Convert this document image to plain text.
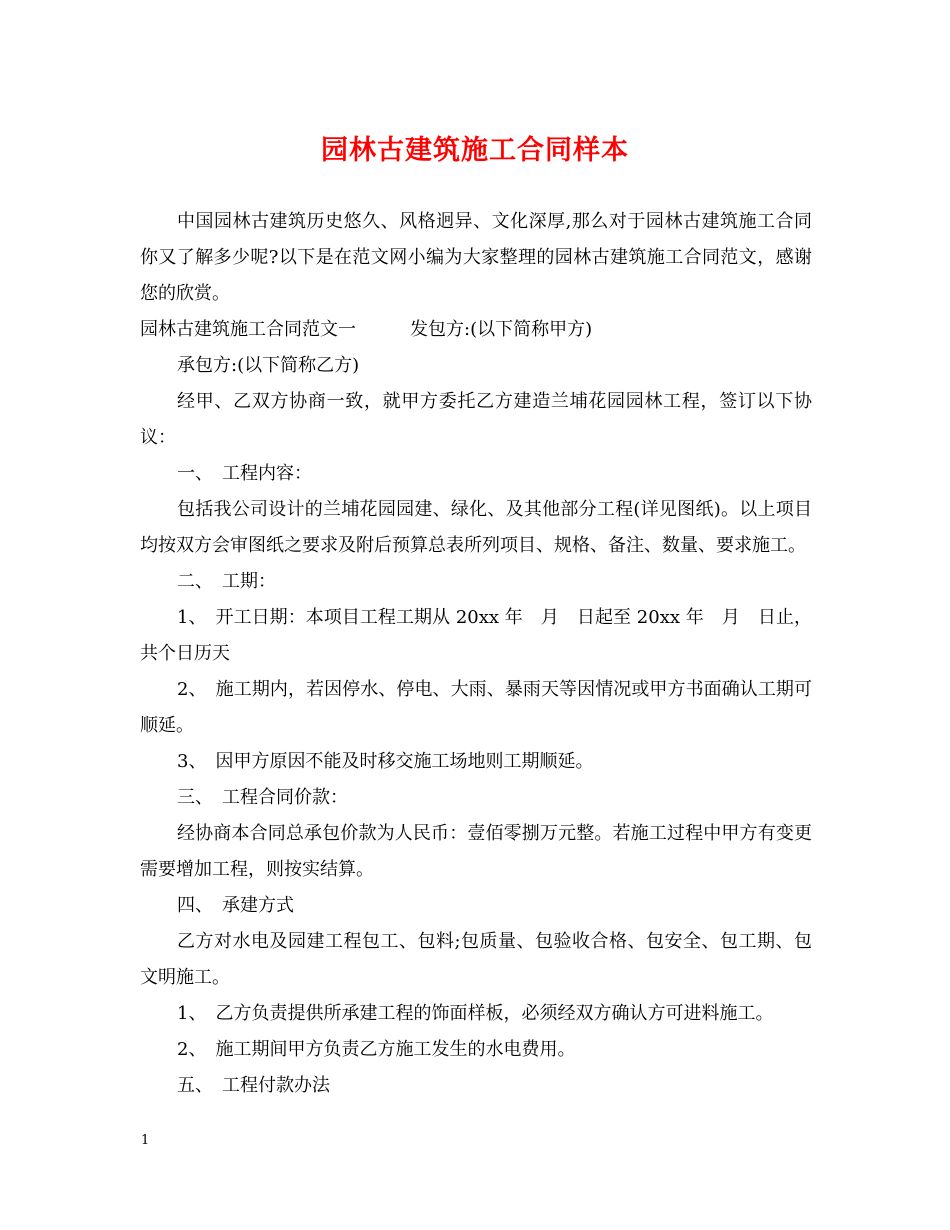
园林古建筑施工合同样本

中国园林古建筑历史悠久、风格迥异、文化深厚,那么对于园林古建筑施工合同你又了解多少呢?以下是在范文网小编为大家整理的园林古建筑施工合同范文，感谢您的欣赏。

园林古建筑施工合同范文一	发包方:(以下简称甲方)

承包方:(以下简称乙方)

经甲、乙双方协商一致，就甲方委托乙方建造兰埔花园园林工程，签订以下协议：

一、　工程内容：

包括我公司设计的兰埔花园园建、绿化、及其他部分工程(详见图纸)。以上项目均按双方会审图纸之要求及附后预算总表所列项目、规格、备注、数量、要求施工。

二、　工期：

1、　开工日期：本项目工程工期从 20xx 年　月　日起至 20xx 年　月　日止，共个日历天

2、　施工期内，若因停水、停电、大雨、暴雨天等因情况或甲方书面确认工期可顺延。

3、　因甲方原因不能及时移交施工场地则工期顺延。

三、　工程合同价款：

经协商本合同总承包价款为人民币：壹佰零捌万元整。若施工过程中甲方有变更需要增加工程，则按实结算。

四、　承建方式

乙方对水电及园建工程包工、包料;包质量、包验收合格、包安全、包工期、包文明施工。

1、　乙方负责提供所承建工程的饰面样板，必须经双方确认方可进料施工。

2、　施工期间甲方负责乙方施工发生的水电费用。

五、　工程付款办法

1
